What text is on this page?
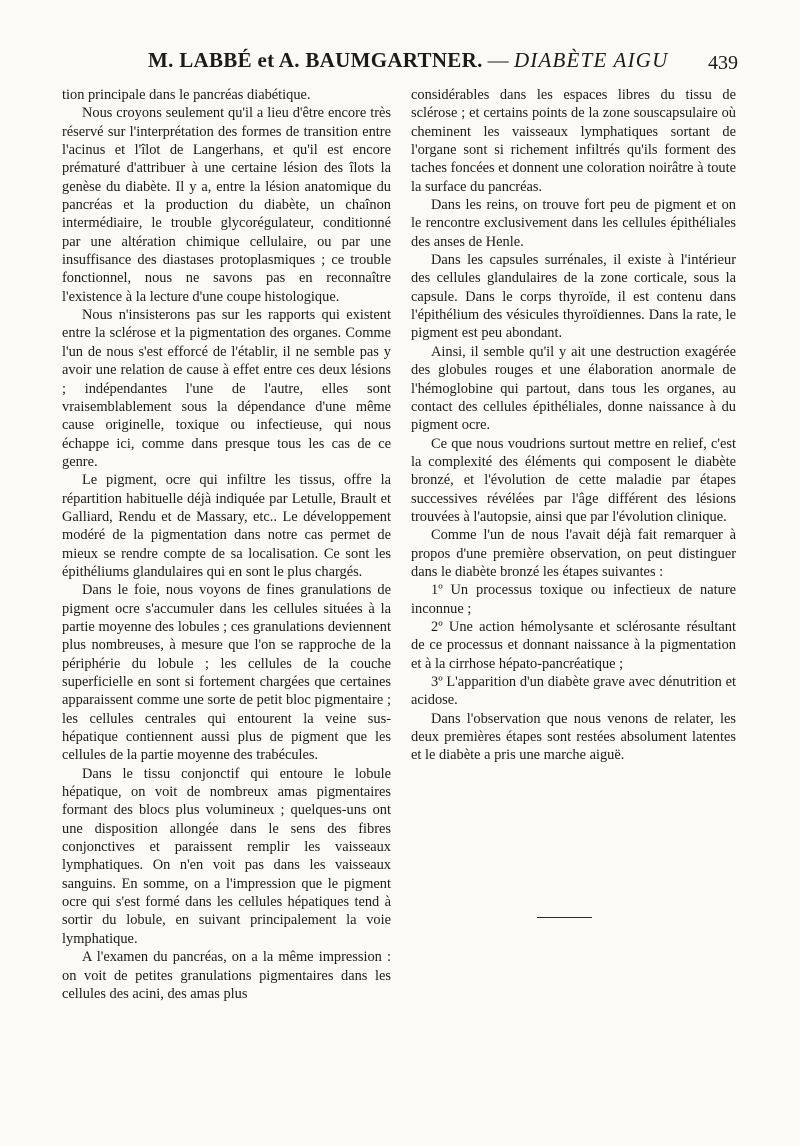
M. LABBÉ et A. BAUMGARTNER. — DIABÈTE AIGU 439

tion principale dans le pancréas diabétique.

Nous croyons seulement qu'il a lieu d'être encore très réservé sur l'interprétation des formes de transition entre l'acinus et l'îlot de Langerhans, et qu'il est encore prématuré d'attribuer à une certaine lésion des îlots la genèse du diabète. Il y a, entre la lésion anatomique du pancréas et la production du diabète, un chaînon intermédiaire, le trouble glycorégulateur, conditionné par une altération chimique cellulaire, ou par une insuffisance des diastases protoplasmiques ; ce trouble fonctionnel, nous ne savons pas en reconnaître l'existence à la lecture d'une coupe histologique.

Nous n'insisterons pas sur les rapports qui existent entre la sclérose et la pigmentation des organes. Comme l'un de nous s'est efforcé de l'établir, il ne semble pas y avoir une relation de cause à effet entre ces deux lésions ; indépendantes l'une de l'autre, elles sont vraisemblablement sous la dépendance d'une même cause originelle, toxique ou infectieuse, qui nous échappe ici, comme dans presque tous les cas de ce genre.

Le pigment, ocre qui infiltre les tissus, offre la répartition habituelle déjà indiquée par Letulle, Brault et Galliard, Rendu et de Massary, etc.. Le développement modéré de la pigmentation dans notre cas permet de mieux se rendre compte de sa localisation. Ce sont les épithéliums glandulaires qui en sont le plus chargés.

Dans le foie, nous voyons de fines granulations de pigment ocre s'accumuler dans les cellules situées à la partie moyenne des lobules ; ces granulations deviennent plus nombreuses, à mesure que l'on se rapproche de la périphérie du lobule ; les cellules de la couche superficielle en sont si fortement chargées que certaines apparaissent comme une sorte de petit bloc pigmentaire ; les cellules centrales qui entourent la veine sus-hépatique contiennent aussi plus de pigment que les cellules de la partie moyenne des trabécules.

Dans le tissu conjonctif qui entoure le lobule hépatique, on voit de nombreux amas pigmentaires formant des blocs plus volumineux ; quelques-uns ont une disposition allongée dans le sens des fibres conjonctives et paraissent remplir les vaisseaux lymphatiques. On n'en voit pas dans les vaisseaux sanguins. En somme, on a l'impression que le pigment ocre qui s'est formé dans les cellules hépatiques tend à sortir du lobule, en suivant principalement la voie lymphatique.

A l'examen du pancréas, on a la même impression : on voit de petites granulations pigmentaires dans les cellules des acini, des amas plus

considérables dans les espaces libres du tissu de sclérose ; et certains points de la zone souscapsulaire où cheminent les vaisseaux lymphatiques sortant de l'organe sont si richement infiltrés qu'ils forment des taches foncées et donnent une coloration noirâtre à toute la surface du pancréas.

Dans les reins, on trouve fort peu de pigment et on le rencontre exclusivement dans les cellules épithéliales des anses de Henle.

Dans les capsules surrénales, il existe à l'intérieur des cellules glandulaires de la zone corticale, sous la capsule. Dans le corps thyroïde, il est contenu dans l'épithélium des vésicules thyroïdiennes. Dans la rate, le pigment est peu abondant.

Ainsi, il semble qu'il y ait une destruction exagérée des globules rouges et une élaboration anormale de l'hémoglobine qui partout, dans tous les organes, au contact des cellules épithéliales, donne naissance à du pigment ocre.

Ce que nous voudrions surtout mettre en relief, c'est la complexité des éléments qui composent le diabète bronzé, et l'évolution de cette maladie par étapes successives révélées par l'âge différent des lésions trouvées à l'autopsie, ainsi que par l'évolution clinique.

Comme l'un de nous l'avait déjà fait remarquer à propos d'une première observation, on peut distinguer dans le diabète bronzé les étapes suivantes :

1º Un processus toxique ou infectieux de nature inconnue ;

2º Une action hémolysante et sclérosante résultant de ce processus et donnant naissance à la pigmentation et à la cirrhose hépato-pancréatique ;

3º L'apparition d'un diabète grave avec dénutrition et acidose.

Dans l'observation que nous venons de relater, les deux premières étapes sont restées absolument latentes et le diabète a pris une marche aiguë.
